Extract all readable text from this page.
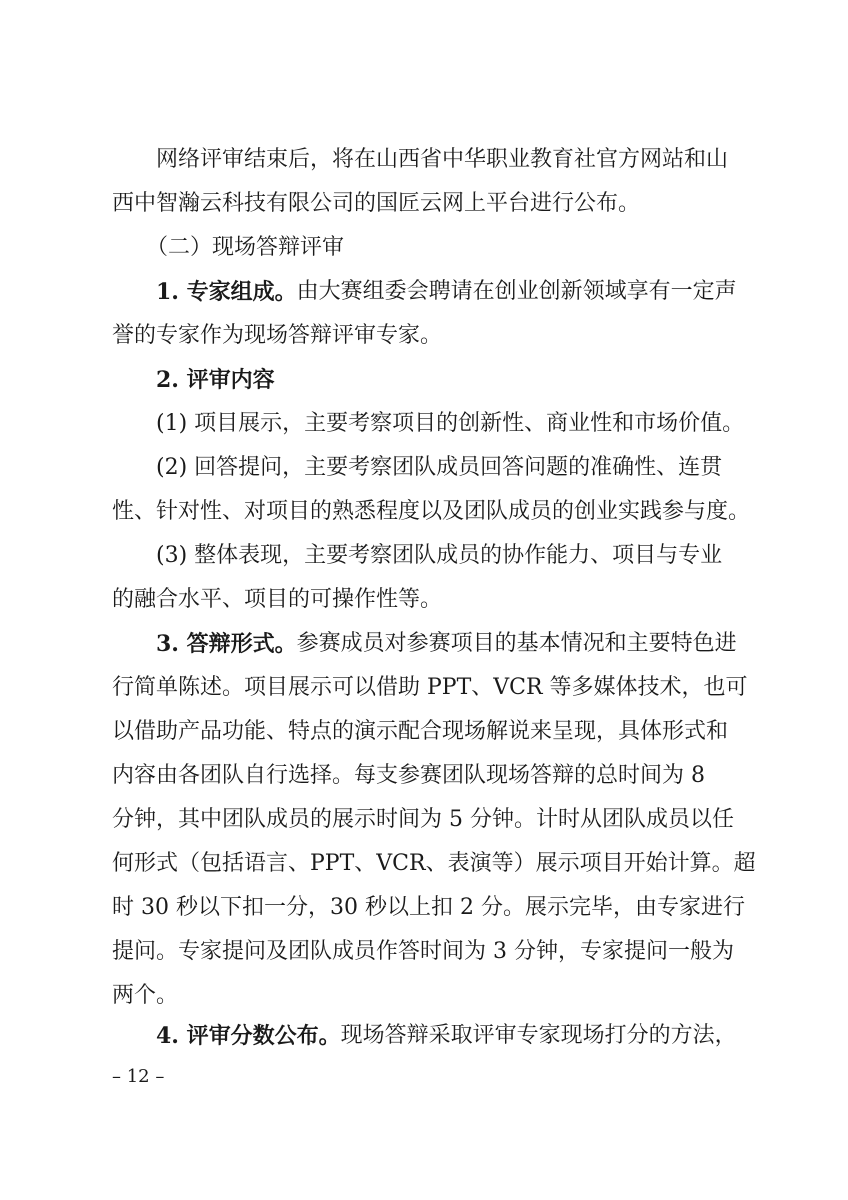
网络评审结束后，将在山西省中华职业教育社官方网站和山
西中智瀚云科技有限公司的国匠云网上平台进行公布。
（二）现场答辩评审
1. 专家组成。 由大赛组委会聘请在创业创新领域享有一定声
誉的专家作为现场答辩评审专家。
2. 评审内容
(1) 项目展示，主要考察项目的创新性、商业性和市场价值。
(2) 回答提问，主要考察团队成员回答问题的准确性、连贯
性、针对性、对项目的熟悉程度以及团队成员的创业实践参与度。
(3) 整体表现，主要考察团队成员的协作能力、项目与专业
的融合水平、项目的可操作性等。
3. 答辩形式。 参赛成员对参赛项目的基本情况和主要特色进
行简单陈述。项目展示可以借助 PPT、VCR 等多媒体技术，也可
以借助产品功能、特点的演示配合现场解说来呈现，具体形式和
内容由各团队自行选择。每支参赛团队现场答辩的总时间为 8
分钟，其中团队成员的展示时间为 5 分钟。计时从团队成员以任
何形式（包括语言、PPT、VCR、表演等）展示项目开始计算。超
时 30 秒以下扣一分，30 秒以上扣 2 分。展示完毕，由专家进行
提问。专家提问及团队成员作答时间为 3 分钟，专家提问一般为
两个。
4. 评审分数公布。 现场答辩采取评审专家现场打分的方法，
– 12 –
